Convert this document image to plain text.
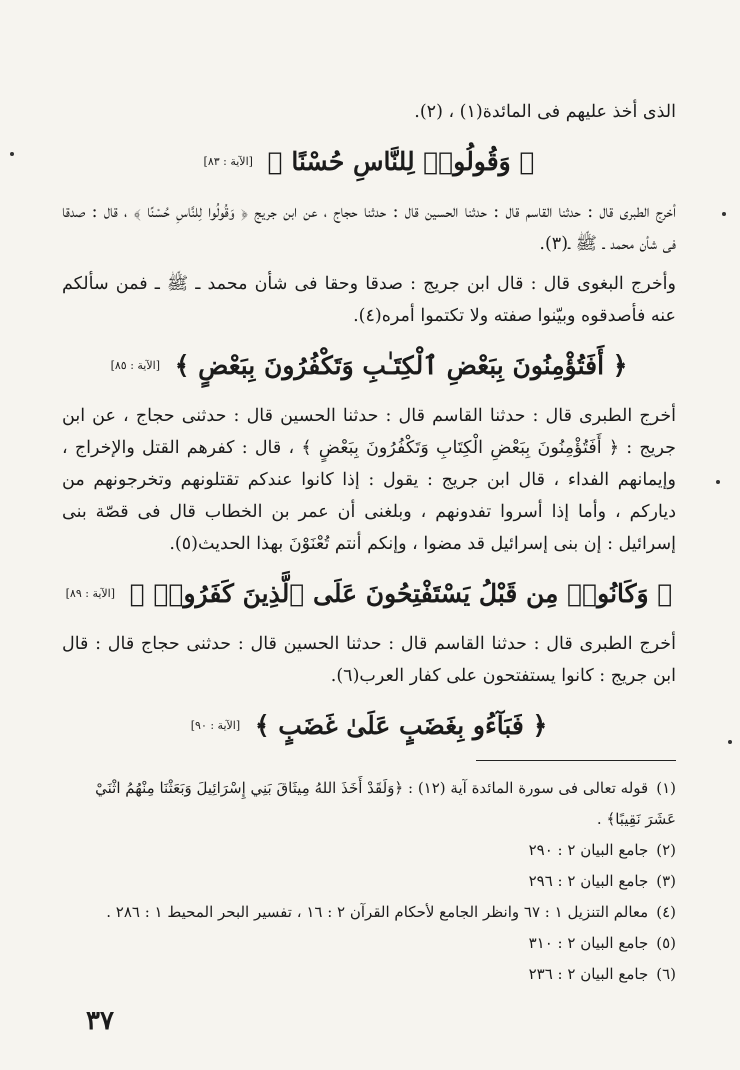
الذى أخذ عليهم فى المائدة(١) ، (٢).
﴿ وَقُولُوا۟ لِلنَّاسِ حُسْنًا ﴾ [الآية : ٨٣]
أخرج الطبرى قال : حدثنا القاسم قال : حدثنا الحسين قال : حدثنا حجاج ، عن ابن جريج ﴿ وَقُولُوا لِلنَّاسِ حُسْنًا ﴾ ، قال : صدقا فى شأن محمد ـ ﷺ ـ(٣).
وأخرج البغوى قال : قال ابن جريج : صدقا وحقا فى شأن محمد ـ ﷺ ـ فمن سألكم عنه فأصدقوه وبيّنوا صفته ولا تكتموا أمره(٤).
﴿ أَفَتُؤْمِنُونَ بِبَعْضِ ٱلْكِتَـٰبِ وَتَكْفُرُونَ بِبَعْضٍ ﴾ [الآية : ٨٥]
أخرج الطبرى قال : حدثنا القاسم قال : حدثنا الحسين قال : حدثنى حجاج ، عن ابن جريج : ﴿ أَفَتُؤْمِنُونَ بِبَعْضِ الْكِتَابِ وَتَكْفُرُونَ بِبَعْضٍ ﴾ ، قال : كفرهم القتل والإخراج ، وإيمانهم الفداء ، قال ابن جريج : يقول : إذا كانوا عندكم تقتلونهم وتخرجونهم من دياركم ، وأما إذا أسروا تفدونهم ، وبلغنى أن عمر بن الخطاب قال فى قصّة بنى إسرائيل : إن بنى إسرائيل قد مضوا ، وإنكم أنتم تُعْنَوْنَ بهذا الحديث(٥).
﴿ وَكَانُوا۟ مِن قَبْلُ يَسْتَفْتِحُونَ عَلَى ٱلَّذِينَ كَفَرُوا۟ ﴾ [الآية : ٨٩]
أخرج الطبرى قال : حدثنا القاسم قال : حدثنا الحسين قال : حدثنى حجاج قال : قال ابن جريج : كانوا يستفتحون على كفار العرب(٦).
﴿ فَبَآءُو بِغَضَبٍ عَلَىٰ غَضَبٍ ﴾ [الآية : ٩٠]
(١)قوله تعالى فى سورة المائدة آية (١٢) : ﴿وَلَقَدْ أَخَذَ اللهُ مِيثَاقَ بَنِي إِسْرَائِيلَ وَبَعَثْنَا مِنْهُمُ اثْنَيْ عَشَرَ نَقِيبًا﴾ .
(٢)جامع البيان ٢ : ٢٩٠
(٣)جامع البيان ٢ : ٢٩٦
(٤)معالم التنزيل ١ : ٦٧ وانظر الجامع لأحكام القرآن ٢ : ١٦ ، تفسير البحر المحيط ١ : ٢٨٦ .
(٥)جامع البيان ٢ : ٣١٠
(٦)جامع البيان ٢ : ٢٣٦
٣٧
